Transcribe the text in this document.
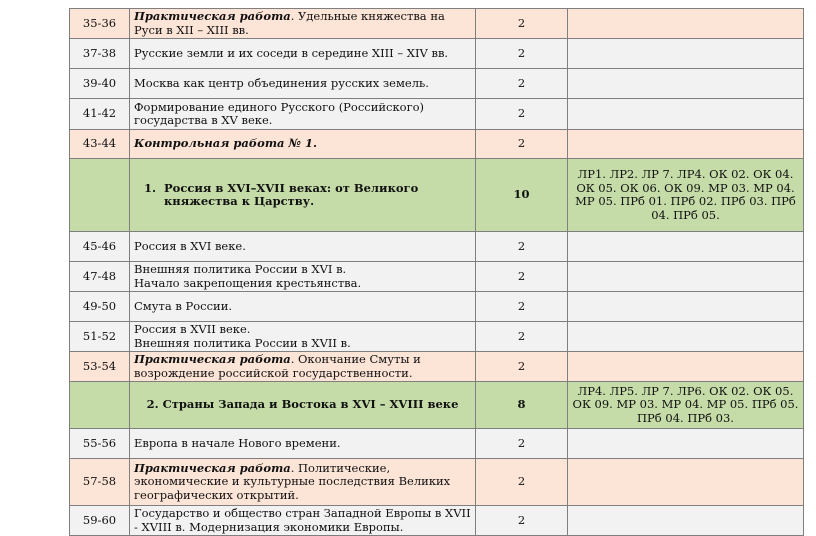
35-36	Практическая работа. Удельные княжества на Руси в XII – XIII вв.	2	
37-38	Русские земли и их соседи в середине XIII – XIV вв.	2	
39-40	Москва как центр объединения русских земель.	2	
41-42	Формирование единого Русского (Российского) государства в XV веке.	2	
43-44	Контрольная работа № 1.	2	

	1. Россия в XVI–XVII веках: от Великого княжества к Царству.	10	ЛР1. ЛР2. ЛР 7. ЛР4. ОК 02. ОК 04. ОК 05. ОК 06. ОК 09. МР 03. МР 04. МР 05. ПРб 01. ПРб 02. ПРб 03. ПРб 04. ПРб 05.
45-46	Россия в XVI веке.	2	
47-48	Внешняя политика России в XVI в.
Начало закрепощения крестьянства.	2	
49-50	Смута в России.	2	
51-52	Россия в XVII веке.
Внешняя политика России в XVII в.	2	
53-54	Практическая работа. Окончание Смуты и возрождение российской государственности.	2	
	2. Страны Запада и Востока в XVI – XVIII веке	8	ЛР4. ЛР5. ЛР 7. ЛР6. ОК 02. ОК 05. ОК 09. МР 03. МР 04. МР 05. ПРб 05. ПРб 04. ПРб 03.
55-56	Европа в начале Нового времени.	2	
57-58	Практическая работа. Политические, экономические и культурные последствия Великих географических открытий.	2	
59-60	Государство и общество стран Западной Европы в XVII - XVIII в. Модернизация экономики Европы.	2	
